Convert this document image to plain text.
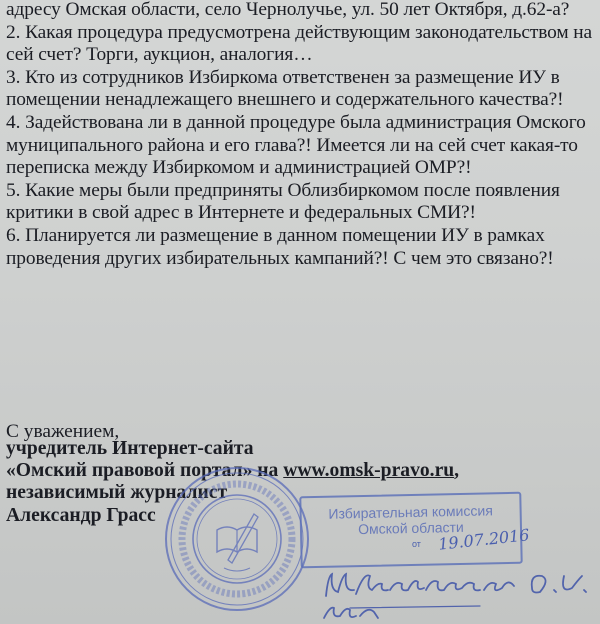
адресу Омская области, село Чернолучье, ул. 50 лет Октября, д.62-а?

2. Какая процедура предусмотрена действующим законодательством на сей счет? Торги, аукцион, аналогия…

3. Кто из сотрудников Избиркома ответственен за размещение ИУ в помещении ненадлежащего внешнего и содержательного качества?!

4. Задействована ли в данной процедуре была администрация Омского муниципального района и его глава?! Имеется ли на сей счет какая-то переписка между Избиркомом и администрацией ОМР?!

5. Какие меры были предприняты Облизбиркомом после появления критики в свой адрес в Интернете и федеральных СМИ?!

6. Планируется ли размещение в данном помещении ИУ в рамках проведения других избирательных кампаний?! С чем это связано?!

С уважением,

учредитель Интернет-сайта

«Омский правовой портал» на www.omsk-pravo.ru,

независимый журналист

Александр Грасс	Избирательная комиссия
Омской области
от 19.07.2016
